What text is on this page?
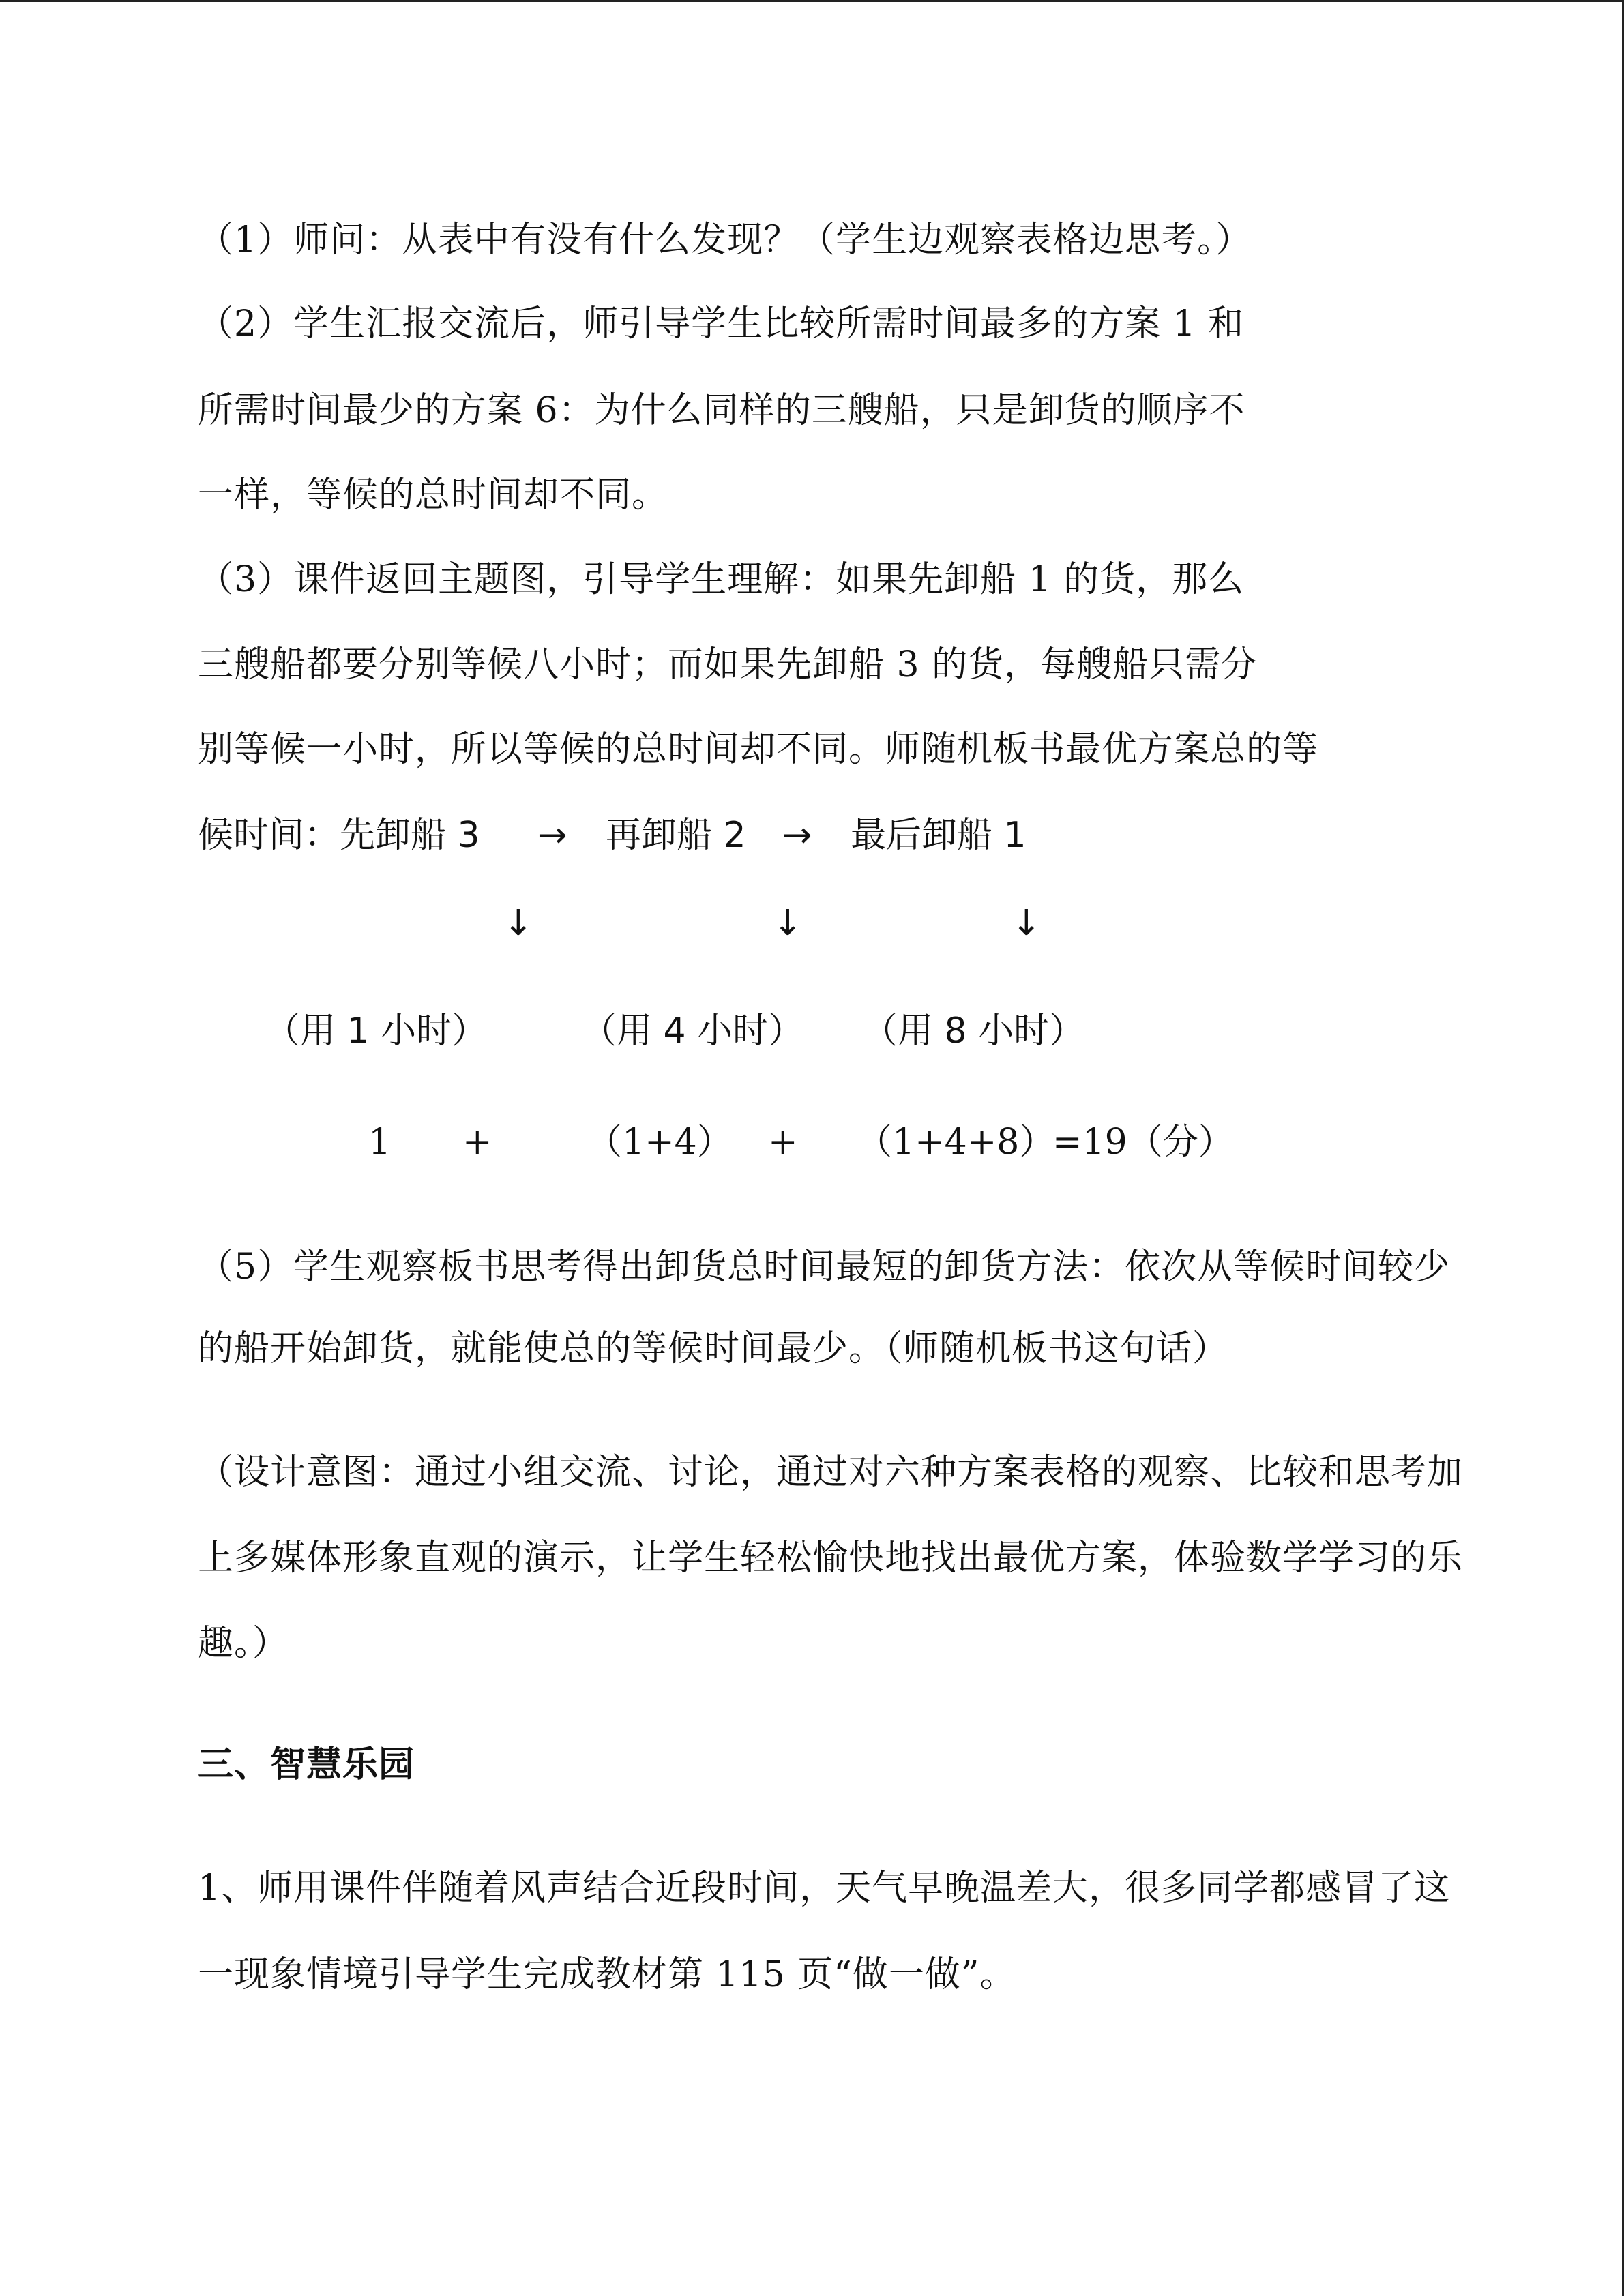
（1）师问：从表中有没有什么发现？（学生边观察表格边思考。）
（2）学生汇报交流后，师引导学生比较所需时间最多的方案 1 和
所需时间最少的方案 6：为什么同样的三艘船，只是卸货的顺序不
一样，等候的总时间却不同。
（3）课件返回主题图，引导学生理解：如果先卸船 1 的货，那么
三艘船都要分别等候八小时；而如果先卸船 3 的货，每艘船只需分
别等候一小时，所以等候的总时间却不同。师随机板书最优方案总的等
候时间：先卸船 3 → 再卸船 2 → 最后卸船 1
↓	↓	↓
（用 1 小时）	（用 4 小时） （用 8 小时）
1 +	（1+4） + （1+4+8）
=19（分）
（5）学生观察板书思考得出卸货总时间最短的卸货方法：依次从等候时间较少
的船开始卸货，就能使总的等候时间最少。（师随机板书这句话）
（设计意图：通过小组交流、讨论，通过对六种方案表格的观察、比较和思考加
上多媒体形象直观的演示，让学生轻松愉快地找出最优方案，体验数学学习的乐
趣。）
三、智慧乐园
1、师用课件伴随着风声结合近段时间，天气早晚温差大，很多同学都感冒了这
一现象情境引导学生完成教材第 115 页“做一做”。
